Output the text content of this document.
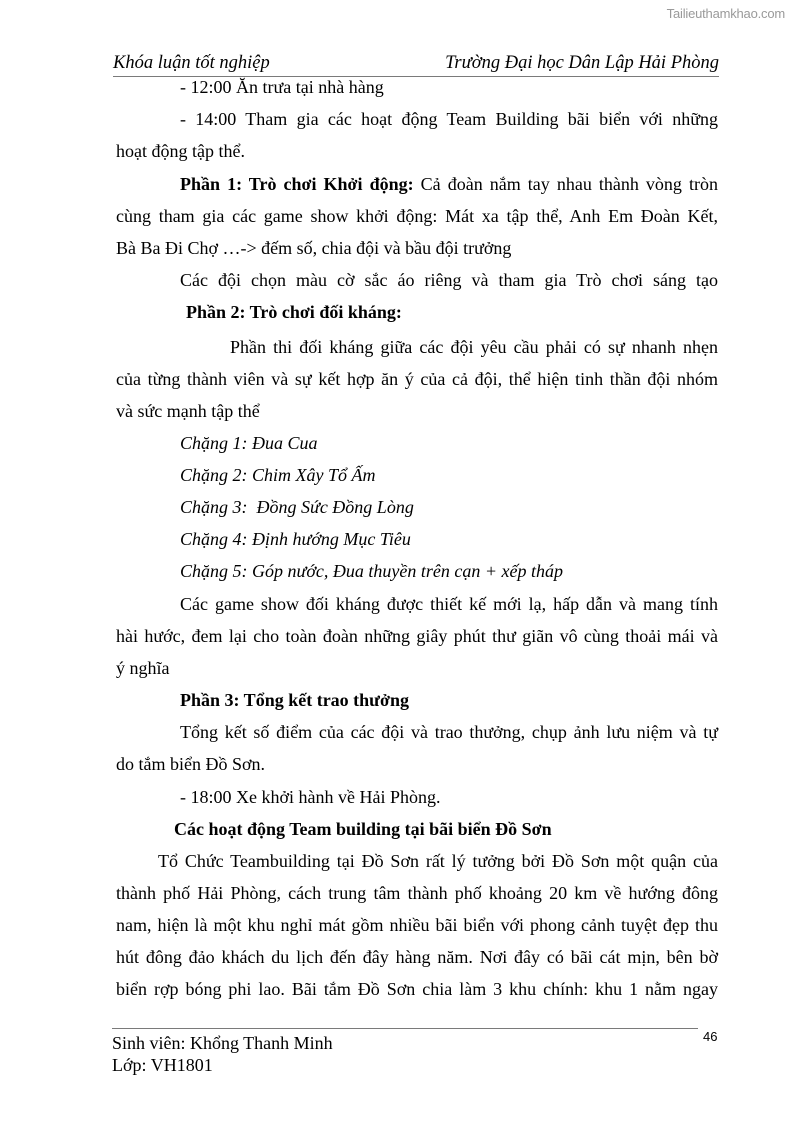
Tailieuthamkhao.com
Khóa luận tốt nghiệp	Trường Đại học Dân Lập Hải Phòng
- 12:00 Ăn trưa tại nhà hàng
- 14:00 Tham gia các hoạt động Team Building bãi biển với những
hoạt động tập thể.
Phần 1: Trò chơi Khởi động: Cả đoàn nắm tay nhau thành vòng tròn
cùng tham gia các game show khởi động: Mát xa tập thể, Anh Em Đoàn Kết,
Bà Ba Đi Chợ …-> đếm số, chia đội và bầu đội trưởng
Các đội chọn màu cờ sắc áo riêng và tham gia Trò chơi sáng tạo
Phần 2: Trò chơi đối kháng:
Phần thi đối kháng giữa các đội yêu cầu phải có sự nhanh nhẹn
của từng thành viên và sự kết hợp ăn ý của cả đội, thể hiện tinh thần đội nhóm
và sức mạnh tập thể
Chặng 1: Đua Cua
Chặng 2: Chim Xây Tổ Ấm
Chặng 3:  Đồng Sức Đồng Lòng
Chặng 4: Định hướng Mục Tiêu
Chặng 5: Góp nước, Đua thuyền trên cạn + xếp tháp
Các game show đối kháng được thiết kế mới lạ, hấp dẫn và mang tính
hài hước, đem lại cho toàn đoàn những giây phút thư giãn vô cùng thoải mái và
ý nghĩa
Phần 3: Tổng kết trao thưởng
Tổng kết số điểm của các đội và trao thưởng, chụp ảnh lưu niệm và tự
do tắm biển Đồ Sơn.
- 18:00 Xe khởi hành về Hải Phòng.
Các hoạt động Team building tại bãi biển Đồ Sơn
Tổ Chức Teambuilding tại Đồ Sơn rất lý tưởng bởi Đồ Sơn một quận của
thành phố Hải Phòng, cách trung tâm thành phố khoảng 20 km về hướng đông
nam, hiện là một khu nghỉ mát gồm nhiều bãi biển với phong cảnh tuyệt đẹp thu
hút đông đảo khách du lịch đến đây hàng năm. Nơi đây có bãi cát mịn, bên bờ
biển rợp bóng phi lao. Bãi tắm Đồ Sơn chia làm 3 khu chính: khu 1 nằm ngay
Sinh viên: Khổng Thanh Minh
Lớp: VH1801
46
